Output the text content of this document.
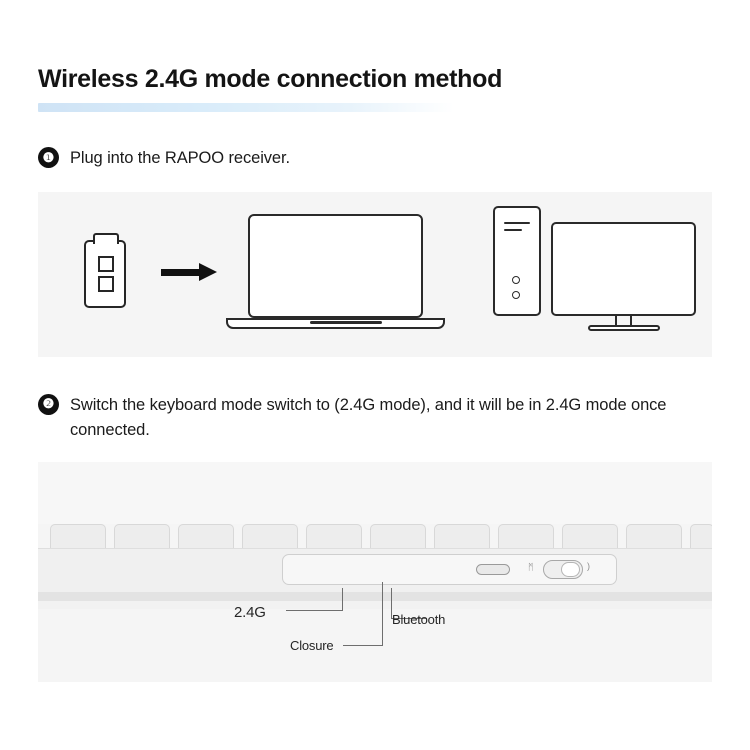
Wireless 2.4G mode connection method
❶ Plug into the RAPOO receiver.
❷ Switch the keyboard mode switch to (2.4G mode), and it will be in 2.4G mode once connected.
ᛗ	)
2.4G
Closure
Bluetooth
